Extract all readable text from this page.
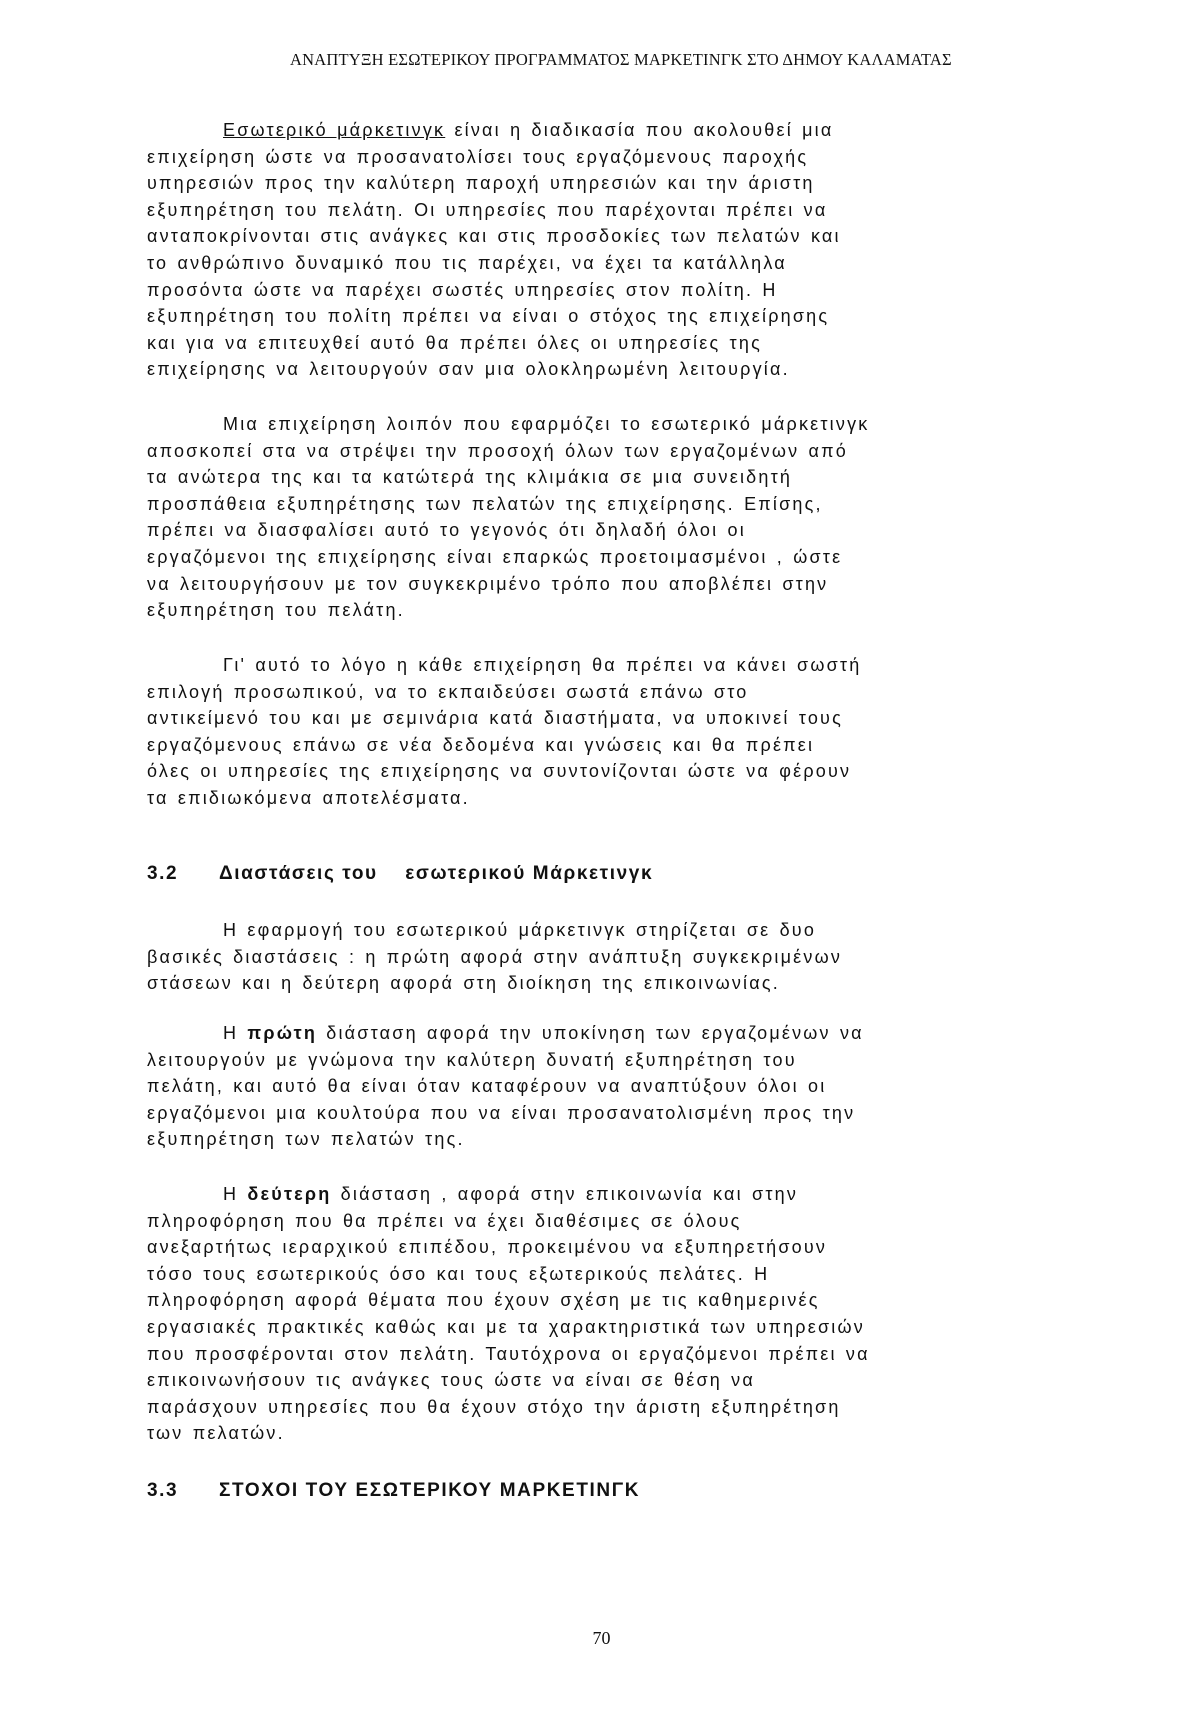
ΑΝΑΠΤΥΞΗ ΕΣΩΤΕΡΙΚΟΥ ΠΡΟΓΡΑΜΜΑΤΟΣ ΜΑΡΚΕΤΙΝΓΚ ΣΤΟ ΔΗΜΟΥ ΚΑΛΑΜΑΤΑΣ
Εσωτερικό μάρκετινγκ είναι η διαδικασία που ακολουθεί μια
επιχείρηση ώστε να προσανατολίσει τους εργαζόμενους παροχής
υπηρεσιών προς την καλύτερη παροχή υπηρεσιών και την άριστη
εξυπηρέτηση του πελάτη. Οι υπηρεσίες που παρέχονται πρέπει να
ανταποκρίνονται στις ανάγκες και στις προσδοκίες των πελατών και
το ανθρώπινο δυναμικό που τις παρέχει, να έχει τα κατάλληλα
προσόντα ώστε να παρέχει σωστές υπηρεσίες στον πολίτη. Η
εξυπηρέτηση του πολίτη πρέπει να είναι ο στόχος της επιχείρησης
και για να επιτευχθεί αυτό θα πρέπει όλες οι υπηρεσίες της
επιχείρησης να λειτουργούν σαν μια ολοκληρωμένη λειτουργία.
Μια επιχείρηση λοιπόν που εφαρμόζει το εσωτερικό μάρκετινγκ
αποσκοπεί στα να στρέψει την προσοχή όλων των εργαζομένων από
τα ανώτερα της και τα κατώτερά της κλιμάκια σε μια συνειδητή
προσπάθεια εξυπηρέτησης των πελατών της επιχείρησης. Επίσης,
πρέπει να διασφαλίσει αυτό το γεγονός ότι δηλαδή όλοι οι
εργαζόμενοι της επιχείρησης είναι επαρκώς προετοιμασμένοι , ώστε
να λειτουργήσουν με τον συγκεκριμένο τρόπο που αποβλέπει στην
εξυπηρέτηση του πελάτη.
Γι' αυτό το λόγο η κάθε επιχείρηση θα πρέπει να κάνει σωστή
επιλογή προσωπικού, να το εκπαιδεύσει σωστά επάνω στο
αντικείμενό του και με σεμινάρια κατά διαστήματα, να υποκινεί τους
εργαζόμενους επάνω σε νέα δεδομένα και γνώσεις και θα πρέπει
όλες οι υπηρεσίες της επιχείρησης να συντονίζονται ώστε να φέρουν
τα επιδιωκόμενα αποτελέσματα.
3.2 Διαστάσεις του    εσωτερικού Μάρκετινγκ
Η εφαρμογή του εσωτερικού μάρκετινγκ στηρίζεται σε δυο
βασικές διαστάσεις : η πρώτη αφορά στην ανάπτυξη συγκεκριμένων
στάσεων και η δεύτερη αφορά στη διοίκηση της επικοινωνίας.
Η πρώτη διάσταση αφορά την υποκίνηση των εργαζομένων να
λειτουργούν με γνώμονα την καλύτερη δυνατή εξυπηρέτηση του
πελάτη, και αυτό θα είναι όταν καταφέρουν να αναπτύξουν όλοι οι
εργαζόμενοι μια κουλτούρα που να είναι προσανατολισμένη προς την
εξυπηρέτηση των πελατών της.
Η δεύτερη διάσταση , αφορά στην επικοινωνία και στην
πληροφόρηση που θα πρέπει να έχει διαθέσιμες σε όλους
ανεξαρτήτως ιεραρχικού επιπέδου, προκειμένου να εξυπηρετήσουν
τόσο τους εσωτερικούς όσο και τους εξωτερικούς πελάτες. Η
πληροφόρηση αφορά θέματα που έχουν σχέση με τις καθημερινές
εργασιακές πρακτικές καθώς και με τα χαρακτηριστικά των υπηρεσιών
που προσφέρονται στον πελάτη. Ταυτόχρονα οι εργαζόμενοι πρέπει να
επικοινωνήσουν τις ανάγκες τους ώστε να είναι σε θέση να
παράσχουν υπηρεσίες που θα έχουν στόχο την άριστη εξυπηρέτηση
των πελατών.
3.3 ΣΤΟΧΟΙ ΤΟΥ ΕΣΩΤΕΡΙΚΟΥ ΜΑΡΚΕΤΙΝΓΚ
70
